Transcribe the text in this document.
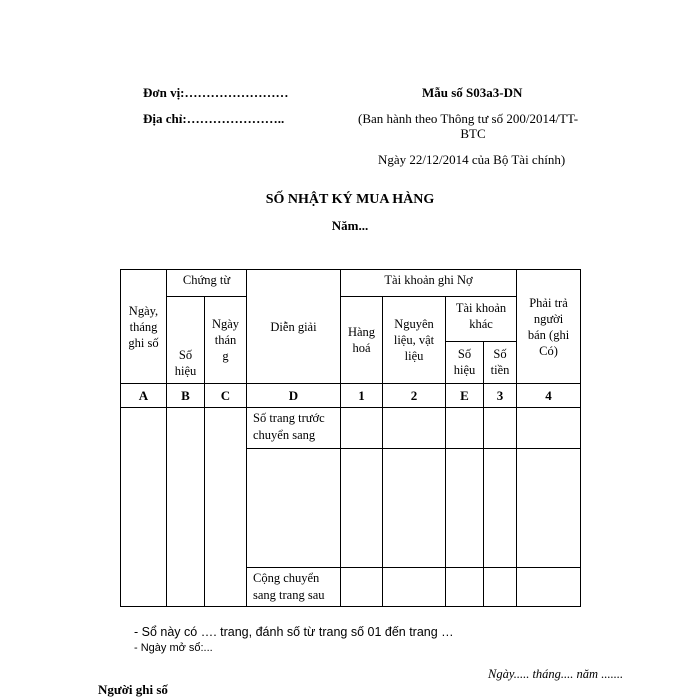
Đơn vị:……………………
Địa chỉ:…………………..
Mẫu số S03a3-DN
(Ban hành theo Thông tư số 200/2014/TT-
BTC
Ngày 22/12/2014 của Bộ Tài chính)
SỐ NHẬT KÝ MUA HÀNG
Năm...
Ngày, tháng ghi số	Chứng từ		Diễn giải	Tài khoản ghi Nợ				Phải trả người bán (ghi Có)

	Số hiệu	Ngày thán g		Hàng hoá	Nguyên liệu, vật liệu	Tài khoản khác		

						Số hiệu	Số tiền	

A	B	C	D	1	2	E	3	4
			Số trang trước chuyển sang					

			Cộng chuyển sang trang sau					
- Sổ này có …. trang, đánh số từ trang số 01 đến trang …
- Ngày mở sổ:...
Ngày..... tháng.... năm .......
Người ghi số
